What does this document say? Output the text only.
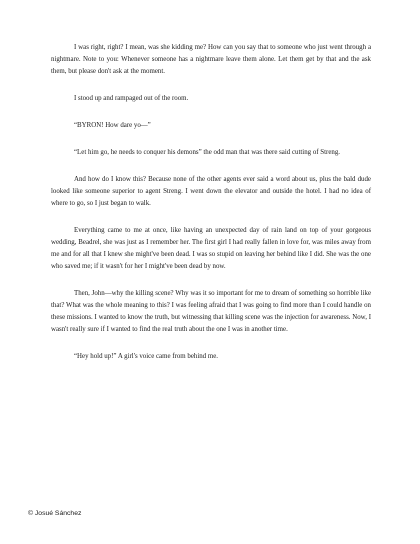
I was right, right? I mean, was she kidding me? How can you say that to someone who just went through a nightmare. Note to you: Whenever someone has a nightmare leave them alone. Let them get by that and the ask them, but please don't ask at the moment.

I stood up and rampaged out of the room.

“BYRON! How dare yo—”

“Let him go, he needs to conquer his demons” the odd man that was there said cutting of Streng.

And how do I know this? Because none of the other agents ever said a word about us, plus the bald dude looked like someone superior to agent Streng. I went down the elevator and outside the hotel. I had no idea of where to go, so I just began to walk.

Everything came to me at once, like having an unexpected day of rain land on top of your gorgeous wedding, Beadrel, she was just as I remember her. The first girl I had really fallen in love for, was miles away from me and for all that I knew she might've been dead. I was so stupid on leaving her behind like I did. She was the one who saved me; if it wasn't for her I might've been dead by now.

Then, John—why the killing scene? Why was it so important for me to dream of something so horrible like that? What was the whole meaning to this? I was feeling afraid that I was going to find more than I could handle on these missions. I wanted to know the truth, but witnessing that killing scene was the injection for awareness. Now, I wasn't really sure if I wanted to find the real truth about the one I was in another time.

“Hey hold up!” A girl's voice came from behind me.

© Josué Sánchez
